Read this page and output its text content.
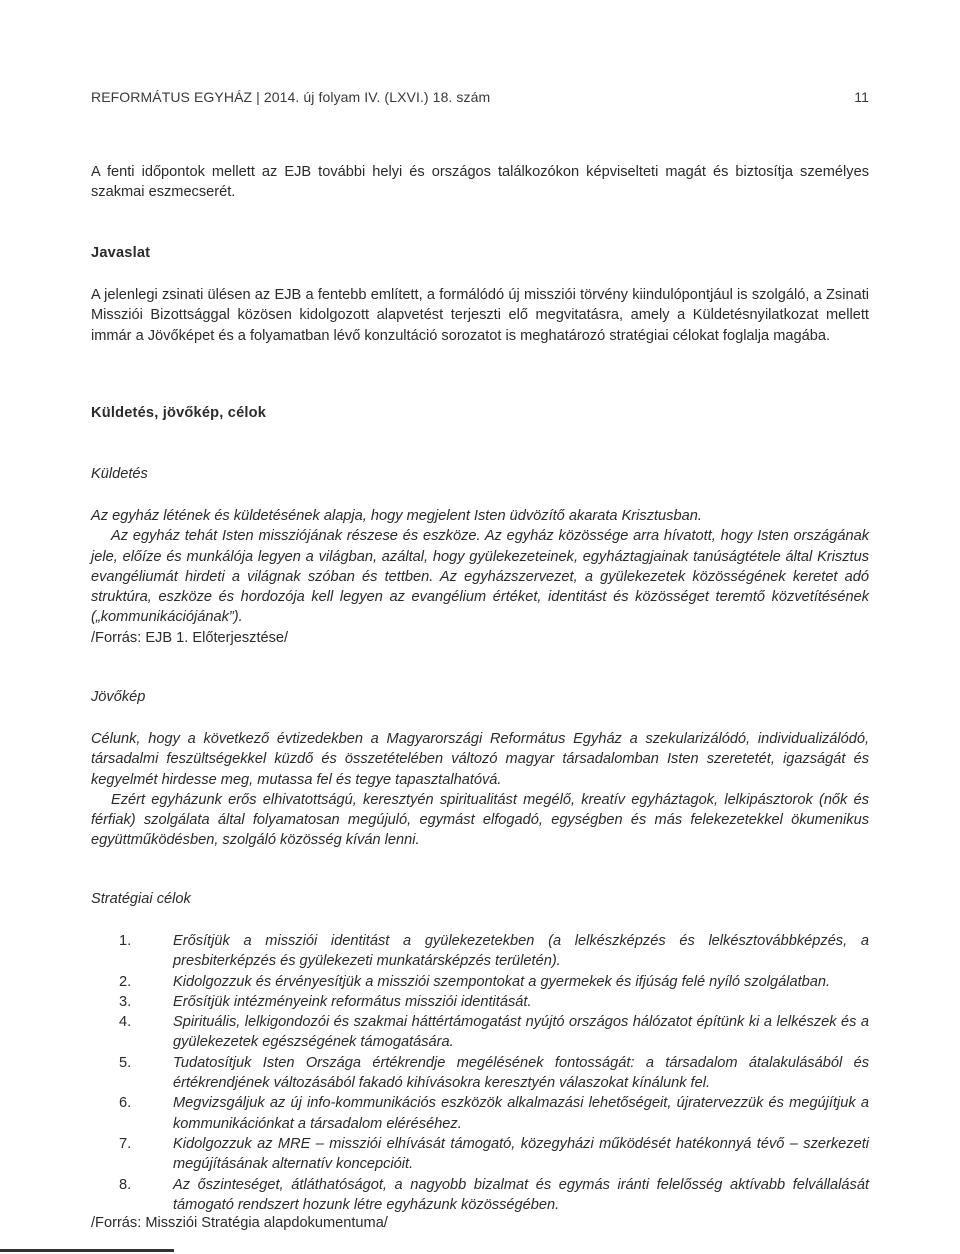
REFORMÁTUS EGYHÁZ | 2014. új folyam IV. (LXVI.) 18. szám	11

A fenti időpontok mellett az EJB további helyi és országos találkozókon képviselteti magát és biztosítja személyes szakmai eszmecserét.

Javaslat

A jelenlegi zsinati ülésen az EJB a fentebb említett, a formálódó új missziói törvény kiindulópontjául is szolgáló, a Zsinati Missziói Bizottsággal közösen kidolgozott alapvetést terjeszti elő megvitatásra, amely a Küldetésnyilatkozat mellett immár a Jövőképet és a folyamatban lévő konzultáció sorozatot is meghatározó stratégiai célokat foglalja magába.

Küldetés, jövőkép, célok
Küldetés
Az egyház létének és küldetésének alapja, hogy megjelent Isten üdvözítő akarata Krisztusban.
Az egyház tehát Isten missziójának részese és eszköze. Az egyház közössége arra hívatott, hogy Isten országának jele, előíze és munkálója legyen a világban, azáltal, hogy gyülekezeteinek, egyháztagjainak tanúságtétele által Krisztus evangéliumát hirdeti a világnak szóban és tettben. Az egyházszervezet, a gyülekezetek közösségének keretet adó struktúra, eszköze és hordozója kell legyen az evangélium értéket, identitást és közösséget teremtő közvetítésének („kommunikációjának”).
/Forrás: EJB 1. Előterjesztése/
Jövőkép
Célunk, hogy a következő évtizedekben a Magyarországi Református Egyház a szekularizálódó, individualizálódó, társadalmi feszültségekkel küzdő és összetételében változó magyar társadalomban Isten szeretetét, igazságát és kegyelmét hirdesse meg, mutassa fel és tegye tapasztalhatóvá.
Ezért egyházunk erős elhivatottságú, keresztyén spiritualitást megélő, kreatív egyháztagok, lelkipásztorok (nők és férfiak) szolgálata által folyamatosan megújuló, egymást elfogadó, egységben és más felekezetekkel ökumenikus együttműködésben, szolgáló közösség kíván lenni.
Stratégiai célok
1.	Erősítjük a missziói identitást a gyülekezetekben (a lelkészképzés és lelkésztovábbképzés, a presbiterképzés és gyülekezeti munkatársképzés területén).
2.	Kidolgozzuk és érvényesítjük a missziói szempontokat a gyermekek és ifjúság felé nyíló szolgálatban.
3.	Erősítjük intézményeink református missziói identitását.
4.	Spirituális, lelkigondozói és szakmai háttértámogatást nyújtó országos hálózatot építünk ki a lelkészek és a gyülekezetek egészségének támogatására.
5.	Tudatosítjuk Isten Országa értékrendje megélésének fontosságát: a társadalom átalakulásából és értékrendjének változásából fakadó kihívásokra keresztyén válaszokat kínálunk fel.
6.	Megvizsgáljuk az új info-kommunikációs eszközök alkalmazási lehetőségeit, újratervezzük és megújítjuk a kommunikációnkat a társadalom eléréséhez.
7.	Kidolgozzuk az MRE – missziói elhívását támogató, közegyházi működését hatékonnyá tévő – szerkezeti megújításának alternatív koncepcióit.
8.	Az őszinteséget, átláthatóságot, a nagyobb bizalmat és egymás iránti felelősség aktívabb felvállalását támogató rendszert hozunk létre egyházunk közösségében.
/Forrás: Missziói Stratégia alapdokumentuma/
